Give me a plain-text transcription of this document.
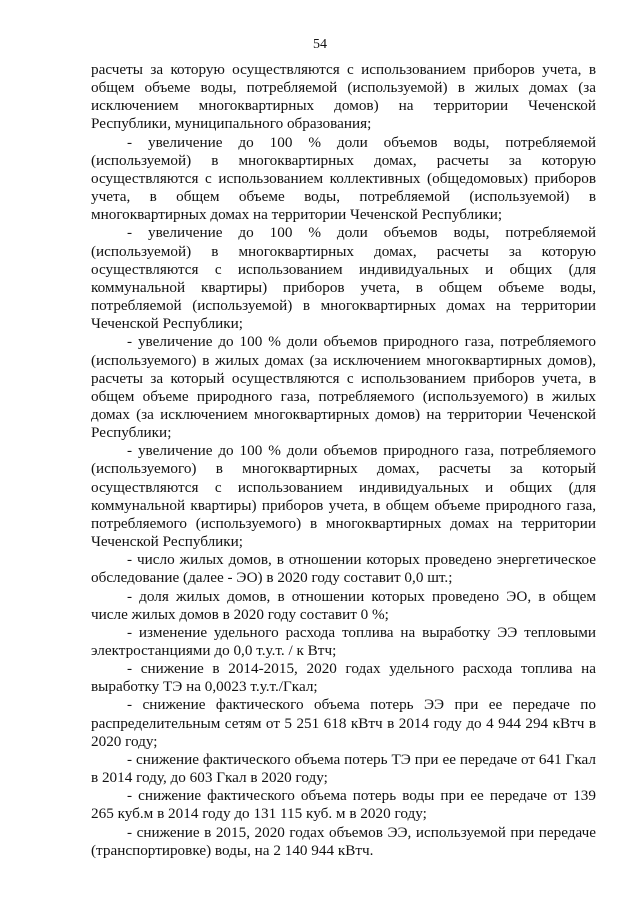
54

расчеты за которую осуществляются с использованием приборов учета, в общем объеме воды, потребляемой (используемой) в жилых домах (за исключением многоквартирных домов) на территории Чеченской Республики, муниципального образования;

- увеличение до 100 % доли объемов воды, потребляемой (используемой) в многоквартирных домах, расчеты за которую осуществляются с использованием коллективных (общедомовых) приборов учета, в общем объеме воды, потребляемой (используемой) в многоквартирных домах на территории Чеченской Республики;

- увеличение до 100 % доли объемов воды, потребляемой (используемой) в многоквартирных домах, расчеты за которую осуществляются с использованием индивидуальных и общих (для коммунальной квартиры) приборов учета, в общем объеме воды, потребляемой (используемой) в многоквартирных домах на территории Чеченской Республики;

- увеличение до 100 % доли объемов природного газа, потребляемого (используемого) в жилых домах (за исключением многоквартирных домов), расчеты за который осуществляются с использованием приборов учета, в общем объеме природного газа, потребляемого (используемого) в жилых домах (за исключением многоквартирных домов) на территории Чеченской Республики;

- увеличение до 100 % доли объемов природного газа, потребляемого (используемого) в многоквартирных домах, расчеты за который осуществляются с использованием индивидуальных и общих (для коммунальной квартиры) приборов учета, в общем объеме природного газа, потребляемого (используемого) в многоквартирных домах на территории Чеченской Республики;

- число жилых домов, в отношении которых проведено энергетическое обследование (далее - ЭО) в 2020 году составит 0,0 шт.;

- доля жилых домов, в отношении которых проведено ЭО, в общем числе жилых домов в 2020 году составит 0 %;

- изменение удельного расхода топлива на выработку ЭЭ тепловыми электростанциями до 0,0 т.у.т. / к Втч;

- снижение в 2014-2015, 2020 годах удельного расхода топлива на выработку ТЭ на 0,0023 т.у.т./Гкал;

- снижение фактического объема потерь ЭЭ при ее передаче по распределительным сетям от 5 251 618 кВтч в 2014 году до 4 944 294 кВтч в 2020 году;

- снижение фактического объема потерь ТЭ при ее передаче от 641 Гкал в 2014 году, до 603 Гкал в 2020 году;

- снижение фактического объема потерь воды при ее передаче от 139 265 куб.м в 2014 году до 131 115 куб. м в 2020 году;

- снижение в 2015, 2020 годах объемов ЭЭ, используемой при передаче (транспортировке) воды, на 2 140 944 кВтч.
